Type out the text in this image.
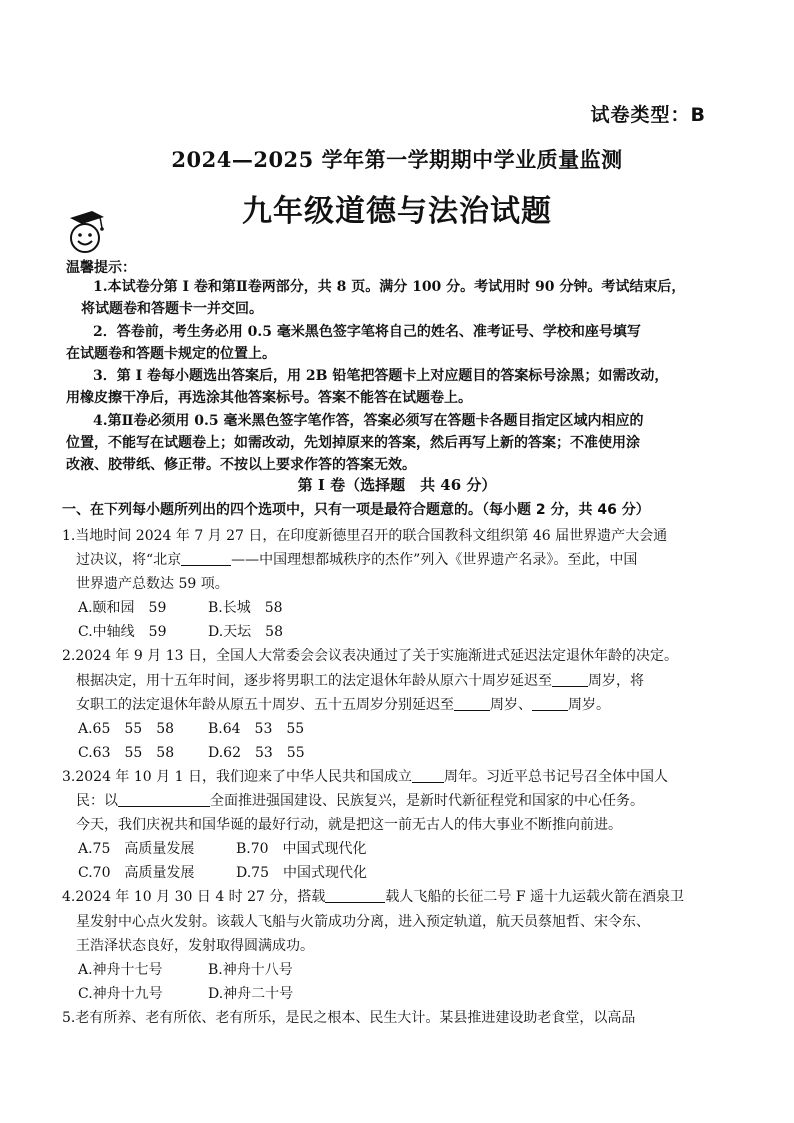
试卷类型：B
2024—2025 学年第一学期期中学业质量监测
九年级道德与法治试题
温馨提示：
1.本试卷分第 I 卷和第Ⅱ卷两部分，共 8 页。满分 100 分。考试用时 90 分钟。考试结束后，
将试题卷和答题卡一并交回。
2．答卷前，考生务必用 0.5 毫米黑色签字笔将自己的姓名、准考证号、学校和座号填写
在试题卷和答题卡规定的位置上。
3．第 I 卷每小题选出答案后，用 2B 铅笔把答题卡上对应题目的答案标号涂黑；如需改动，
用橡皮擦干净后，再选涂其他答案标号。答案不能答在试题卷上。
4.第Ⅱ卷必须用 0.5 毫米黑色签字笔作答，答案必须写在答题卡各题目指定区域内相应的
位置，不能写在试题卷上；如需改动，先划掉原来的答案，然后再写上新的答案；不准使用涂
改液、胶带纸、修正带。不按以上要求作答的答案无效。
第 I 卷（选择题　共 46 分）
一、在下列每小题所列出的四个选项中，只有一项是最符合题意的。（每小题 2 分，共 46 分）
1.当地时间 2024 年 7 月 27 日，在印度新德里召开的联合国教科文组织第 46 届世界遗产大会通
过决议，将“北京	——中国理想都城秩序的杰作”列入《世界遗产名录》。至此，中国
世界遗产总数达 59 项。
A.颐和园　59	B.长城　58
C.中轴线　59	D.天坛　58
2.2024 年 9 月 13 日，全国人大常委会会议表决通过了关于实施渐进式延迟法定退休年龄的决定。
根据决定，用十五年时间，逐步将男职工的法定退休年龄从原六十周岁延迟至	周岁，将
女职工的法定退休年龄从原五十周岁、五十五周岁分别延迟至	周岁、	周岁。
A.65　55　58 B.64　53　55
C.63　55　58 D.62　53　55
3.2024 年 10 月 1 日，我们迎来了中华人民共和国成立 周年。习近平总书记号召全体中国人
民：以	全面推进强国建设、民族复兴，是新时代新征程党和国家的中心任务。
今天，我们庆祝共和国华诞的最好行动，就是把这一前无古人的伟大事业不断推向前进。
A.75　高质量发展	B.70　中国式现代化
C.70　高质量发展	D.75　中国式现代化
4.2024 年 10 月 30 日 4 时 27 分，搭载	载人飞船的长征二号 F 遥十九运载火箭在酒泉卫
星发射中心点火发射。该载人飞船与火箭成功分离，进入预定轨道，航天员蔡旭哲、宋令东、
王浩泽状态良好，发射取得圆满成功。
A.神舟十七号	B.神舟十八号
C.神舟十九号	D.神舟二十号
5.老有所养、老有所依、老有所乐，是民之根本、民生大计。某县推进建设助老食堂，以高品
